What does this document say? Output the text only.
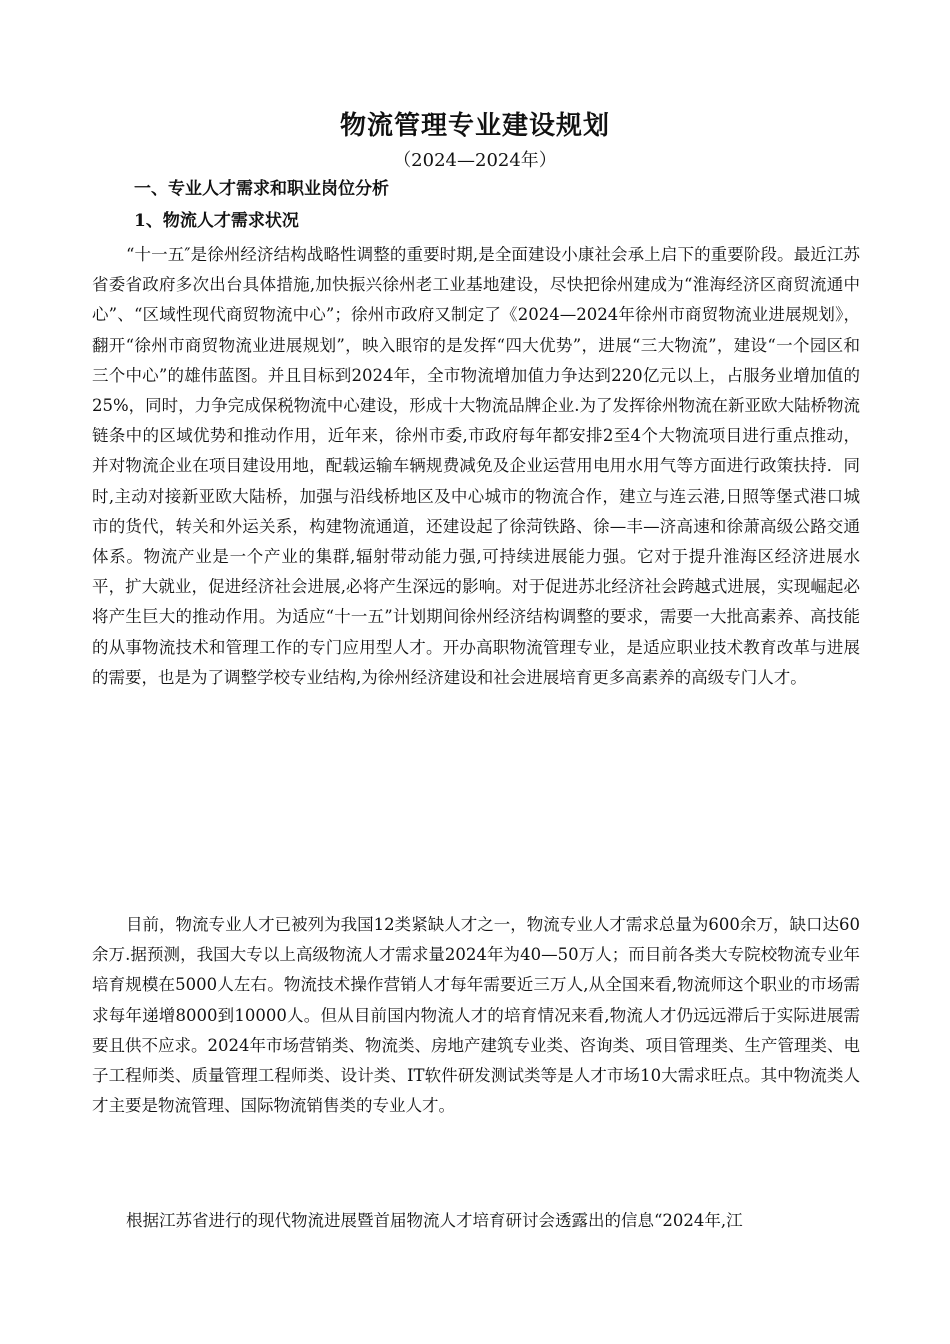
物流管理专业建设规划
（2024—2024年）
一、专业人才需求和职业岗位分析
1、物流人才需求状况

“十一五″是徐州经济结构战略性调整的重要时期,是全面建设小康社会承上启下的重要阶段。最近江苏省委省政府多次出台具体措施,加快振兴徐州老工业基地建设，尽快把徐州建成为“淮海经济区商贸流通中心”、“区域性现代商贸物流中心”；徐州市政府又制定了《2024—2024年徐州市商贸物流业进展规划》，翻开“徐州市商贸物流业进展规划”，映入眼帘的是发挥“四大优势”，进展“三大物流”，建设“一个园区和三个中心”的雄伟蓝图。并且目标到2024年，全市物流增加值力争达到220亿元以上，占服务业增加值的25%，同时，力争完成保税物流中心建设，形成十大物流品牌企业.为了发挥徐州物流在新亚欧大陆桥物流链条中的区域优势和推动作用，近年来，徐州市委,市政府每年都安排2至4个大物流项目进行重点推动，并对物流企业在项目建设用地，配载运输车辆规费减免及企业运营用电用水用气等方面进行政策扶持．同时,主动对接新亚欧大陆桥，加强与沿线桥地区及中心城市的物流合作，建立与连云港,日照等堡式港口城市的货代，转关和外运关系，构建物流通道，还建设起了徐菏铁路、徐—丰—济高速和徐萧高级公路交通体系。物流产业是一个产业的集群,辐射带动能力强,可持续进展能力强。它对于提升淮海区经济进展水平，扩大就业，促进经济社会进展,必将产生深远的影响。对于促进苏北经济社会跨越式进展，实现崛起必将产生巨大的推动作用。为适应“十一五”计划期间徐州经济结构调整的要求，需要一大批高素养、高技能的从事物流技术和管理工作的专门应用型人才。开办高职物流管理专业，是适应职业技术教育改革与进展的需要，也是为了调整学校专业结构,为徐州经济建设和社会进展培育更多高素养的高级专门人才。

目前，物流专业人才已被列为我国12类紧缺人才之一，物流专业人才需求总量为600余万，缺口达60余万.据预测，我国大专以上高级物流人才需求量2024年为40—50万人；而目前各类大专院校物流专业年培育规模在5000人左右。物流技术操作营销人才每年需要近三万人,从全国来看,物流师这个职业的市场需求每年递增8000到10000人。但从目前国内物流人才的培育情况来看,物流人才仍远远滞后于实际进展需要且供不应求。2024年市场营销类、物流类、房地产建筑专业类、咨询类、项目管理类、生产管理类、电子工程师类、质量管理工程师类、设计类、IT软件研发测试类等是人才市场10大需求旺点。其中物流类人才主要是物流管理、国际物流销售类的专业人才。

根据江苏省进行的现代物流进展暨首届物流人才培育研讨会透露出的信息“2024年,江
